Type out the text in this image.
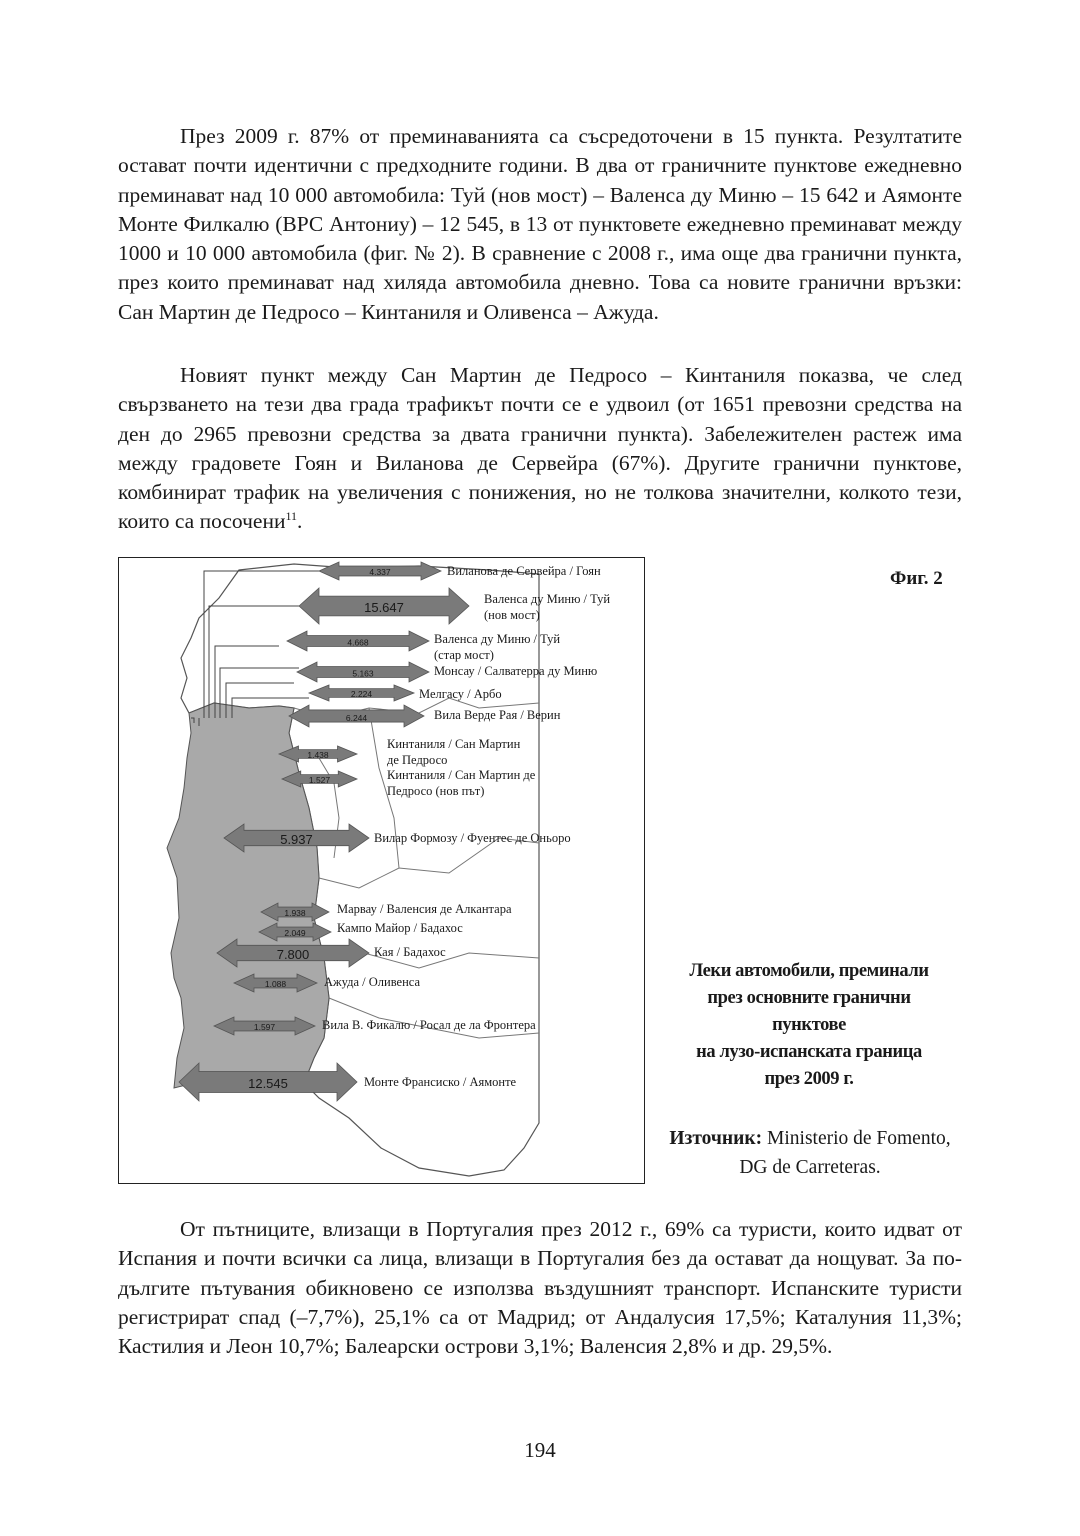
През 2009 г. 87% от преминаванията са съсредоточени в 15 пункта. Резултатите остават почти идентични с предходните години. В два от граничните пунктове ежедневно преминават над 10 000 автомобила: Туй (нов мост) – Валенса ду Миню – 15 642 и Аямонте Монте Филкалю (ВРС Антониу) – 12 545, в 13 от пунктовете ежедневно преминават между 1000 и 10 000 автомобила (фиг. № 2). В сравнение с 2008 г., има още два гранични пункта, през които преминават над хиляда автомобила дневно. Това са новите гранични връзки: Сан Мартин де Педросо – Кинтаниля и Оливенса – Ажуда.

Новият пункт между Сан Мартин де Педросо – Кинтаниля показва, че след свързването на тези два града трафикът почти се е удвоил (от 1651 превозни средства на ден до 2965 превозни средства за двата гранични пункта). Забележителен растеж има между градовете Гоян и Виланова де Сервейра (67%). Другите гранични пунктове, комбинират трафик на увеличения с понижения, но не толкова значителни, колкото тези, които са посочени$^{11}$.

4.337	Виланова де Сервейра / Гоян
15.647
Валенса ду Миню / Туй
(нов мост)
4.668	Валенса ду Миню / Туй
(стар мост)
5.163	Монсау / Салватерра ду Миню
2.224	Мелгасу / Арбо
6.244	Вила Верде Рая / Верин
1.438
Кинтаниля / Сан Мартин
де Педросо
1.527	Кинтаниля / Сан Мартин де
Педросо (нов път)
5.937	Вилар Формозу / Фуентес де Оньоро
1.938	Марвау / Валенсия де Алкантара
2.049	Кампо Майор / Бадахос
7.800	Кая / Бадахос
1.088	Ажуда / Оливенса
1.597	Вила В. Фикалю / Росал де ла Фронтера
12.545	Монте Франсиско / Аямонте
Фиг. 2
Леки автомобили, преминали
през основните гранични
пунктове
на лузо-испанската граница
през 2009 г.
Източник: Ministerio de Fomento, DG de Carreteras.

От пътниците, влизащи в Португалия през 2012 г., 69% са туристи, които идват от Испания и почти всички са лица, влизащи в Португалия без да остават да нощуват. За по-дългите пътувания обикновено се използва въздушният транспорт. Испанските туристи регистрират спад (–7,7%), 25,1% са от Мадрид; от Андалусия 17,5%; Каталуния 11,3%; Кастилия и Леон 10,7%; Балеарски острови 3,1%; Валенсия 2,8% и др. 29,5%.

194
